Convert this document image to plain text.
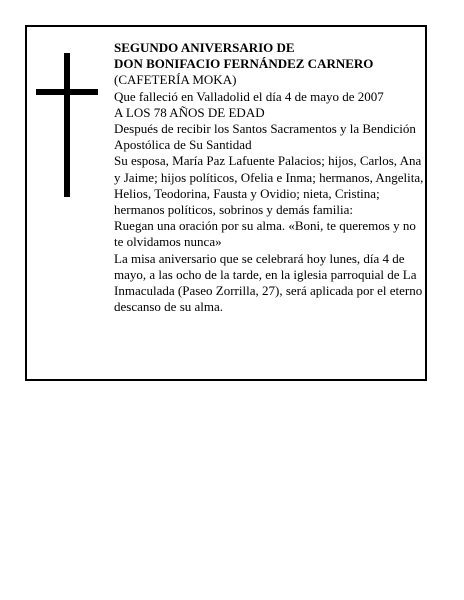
SEGUNDO ANIVERSARIO DE

DON BONIFACIO FERNÁNDEZ CARNERO

(CAFETERÍA MOKA)

Que falleció en Valladolid el día 4 de mayo de 2007

A LOS 78 AÑOS DE EDAD

Después de recibir los Santos Sacramentos y la Bendición Apostólica de Su Santidad

Su esposa, María Paz Lafuente Palacios; hijos, Carlos, Ana y Jaime; hijos políticos, Ofelia e Inma; hermanos, Angelita, Helios, Teodorina, Fausta y Ovidio; nieta, Cristina; hermanos políticos, sobrinos y demás familia:

Ruegan una oración por su alma. «Boni, te queremos y no te olvidamos nunca»

La misa aniversario que se celebrará hoy lunes, día 4 de mayo, a las ocho de la tarde, en la iglesia parroquial de La Inmaculada (Paseo Zorrilla, 27), será aplicada por el eterno descanso de su alma.
